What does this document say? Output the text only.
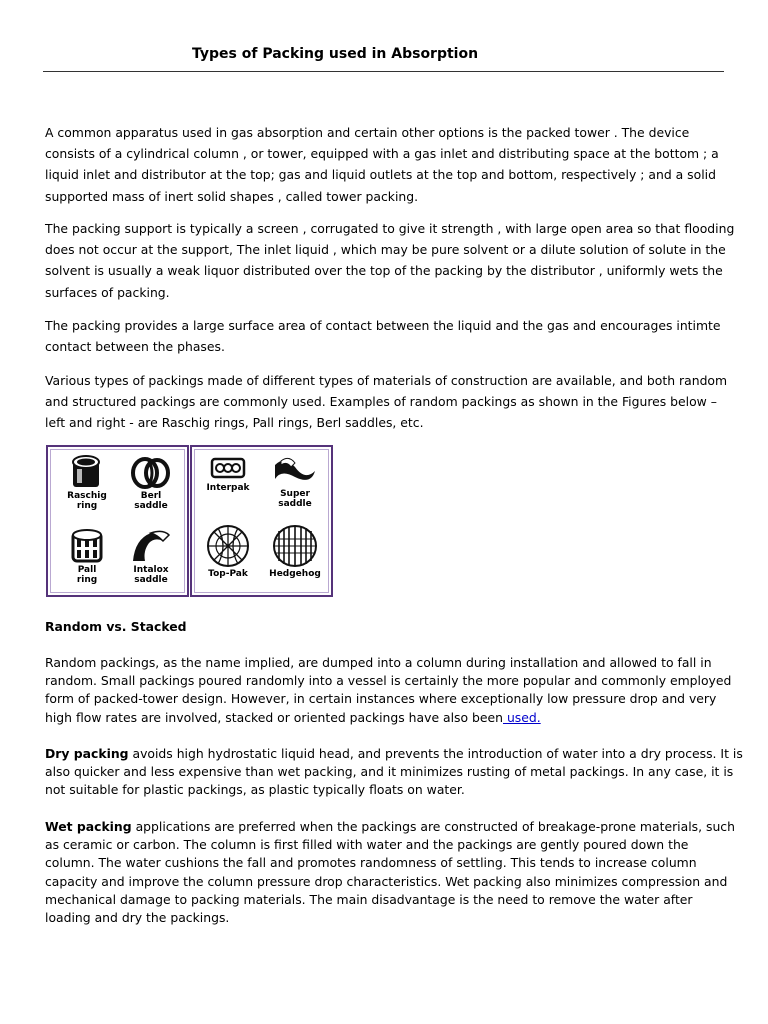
Types of Packing used in Absorption
A common apparatus used in gas absorption and certain other options is the packed tower . The device
consists of a cylindrical column , or tower, equipped with a gas inlet and distributing space at the bottom ; a
liquid inlet and distributor at the top; gas and liquid outlets at the top and bottom, respectively ; and a solid
supported mass of inert solid shapes , called tower packing.
The packing support is typically a screen , corrugated to give it strength , with large open area so that flooding
does not occur at the support, The inlet liquid , which may be pure solvent or a dilute solution of solute in the
solvent is usually a weak liquor distributed over the top of the packing by the distributor , uniformly wets the
surfaces of packing.
The packing provides a large surface area of contact between the liquid and the gas and encourages intimte
contact between the phases.
Various types of packings made of different types of materials of construction are available, and both random
and structured packings are commonly used. Examples of random packings as shown in the Figures below –
left and right - are Raschig rings, Pall rings, Berl saddles, etc.
Raschig
ring
Berl
saddle
Pall
ring
Intalox
saddle
Interpak
Super
saddle
Top-Pak	Hedgehog
Random vs. Stacked
Random packings, as the name implied, are dumped into a column during installation and allowed to fall in
random. Small packings poured randomly into a vessel is certainly the more popular and commonly employed
form of packed-tower design. However, in certain instances where exceptionally low pressure drop and very
high flow rates are involved, stacked or oriented packings have also been used.
Dry packing avoids high hydrostatic liquid head, and prevents the introduction of water into a dry process. It is
also quicker and less expensive than wet packing, and it minimizes rusting of metal packings. In any case, it is
not suitable for plastic packings, as plastic typically floats on water.
Wet packing applications are preferred when the packings are constructed of breakage-prone materials, such
as ceramic or carbon. The column is first filled with water and the packings are gently poured down the
column. The water cushions the fall and promotes randomness of settling. This tends to increase column
capacity and improve the column pressure drop characteristics. Wet packing also minimizes compression and
mechanical damage to packing materials. The main disadvantage is the need to remove the water after
loading and dry the packings.
